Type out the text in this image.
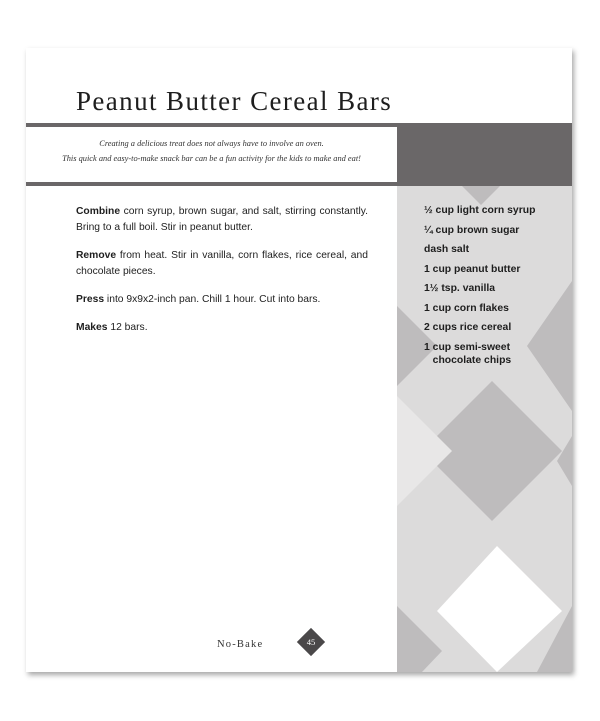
Peanut Butter Cereal Bars
Creating a delicious treat does not always have to involve an oven.
This quick and easy-to-make snack bar can be a fun activity for the kids to make and eat!

Combine corn syrup, brown sugar, and salt, stirring constantly. Bring to a full boil. Stir in peanut butter.

Remove from heat. Stir in vanilla, corn flakes, rice cereal, and chocolate pieces.

Press into 9x9x2-inch pan. Chill 1 hour. Cut into bars.

Makes 12 bars.

½ cup light corn syrup
¼ cup brown sugar
dash salt
1 cup peanut butter
1½ tsp. vanilla
1 cup corn flakes
2 cups rice cereal
1 cup semi-sweet
chocolate chips
No-Bake	45
